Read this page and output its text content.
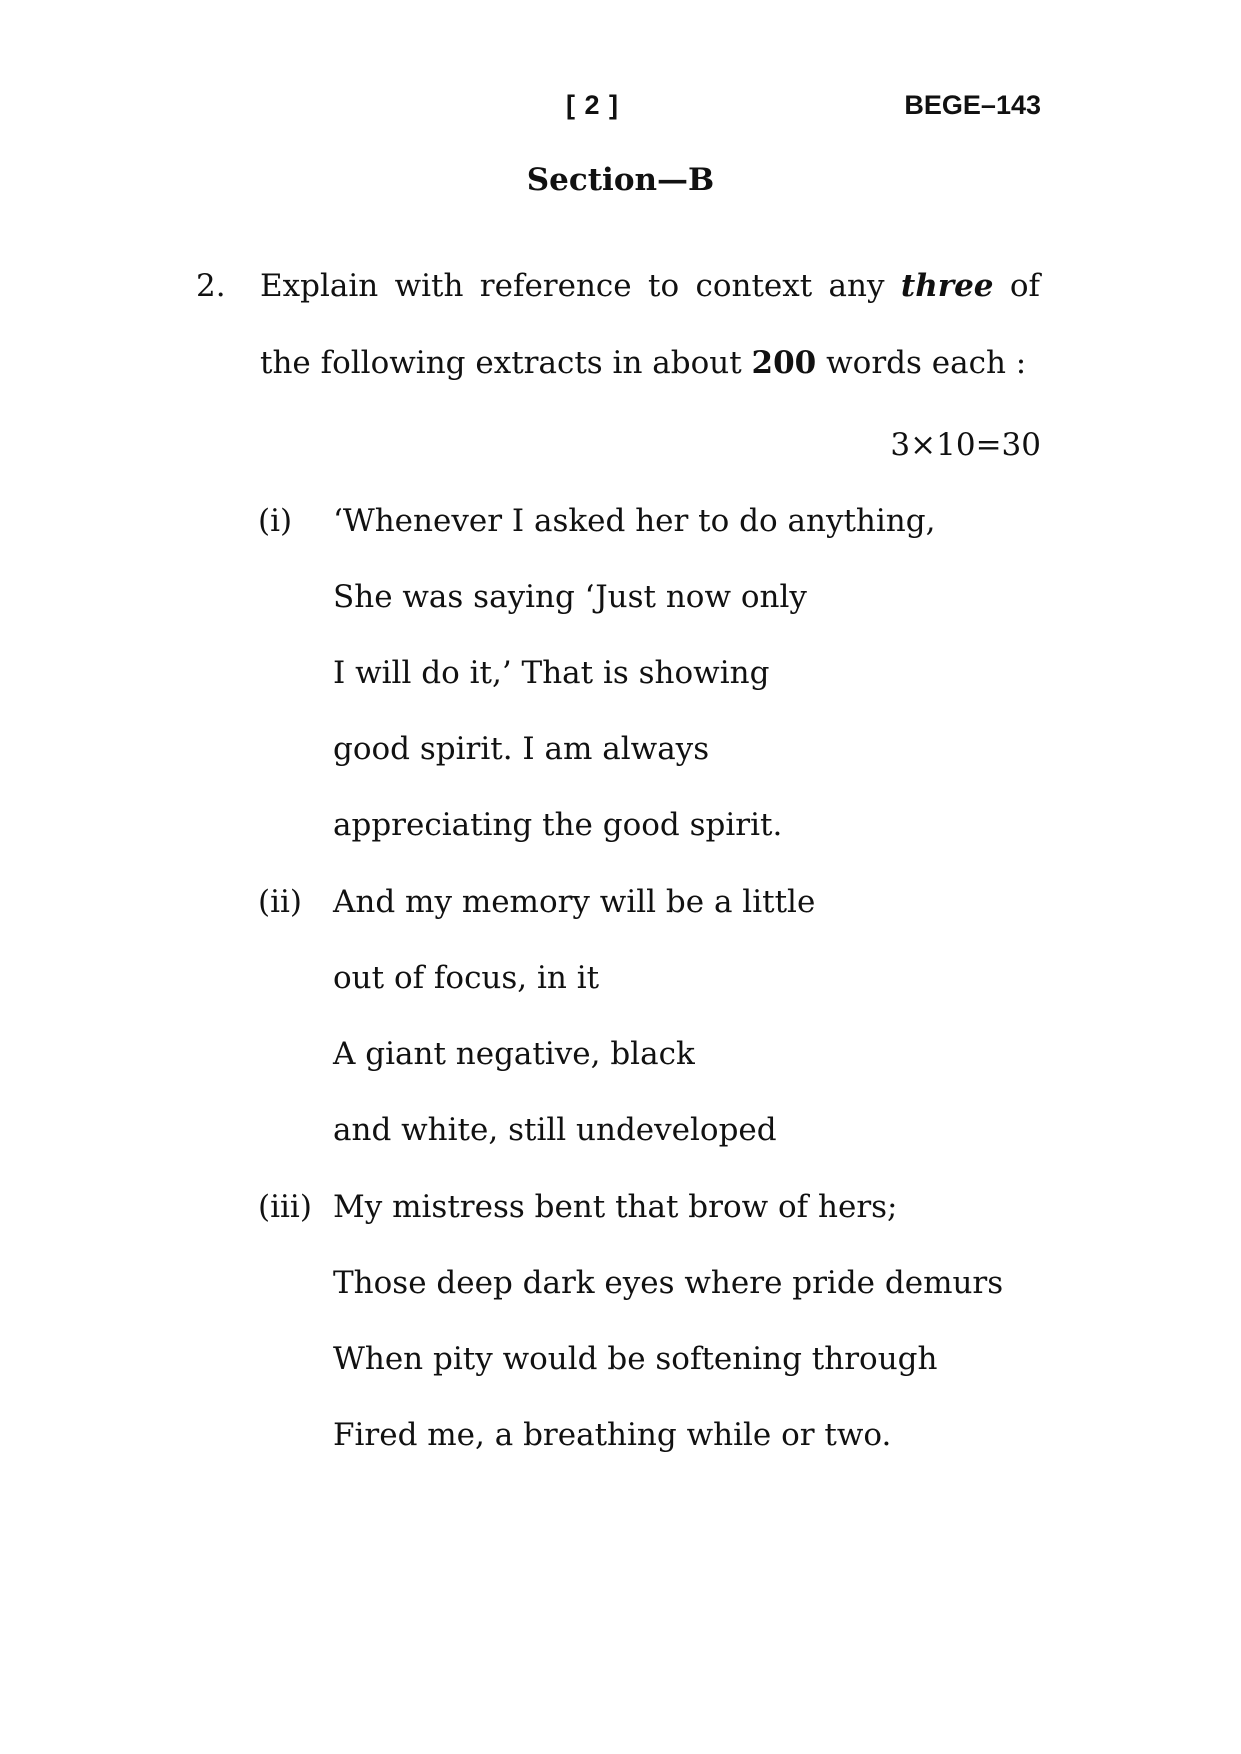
[ 2 ]	BEGE–143
Section—B
2. Explain with reference to context any three of
the following extracts in about 200 words each :
3×10=30
(i) ‘Whenever I asked her to do anything,
She was saying ‘Just now only
I will do it,’ That is showing
good spirit. I am always
appreciating the good spirit.
(ii) And my memory will be a little
out of focus, in it
A giant negative, black
and white, still undeveloped
(iii) My mistress bent that brow of hers;
Those deep dark eyes where pride demurs
When pity would be softening through
Fired me, a breathing while or two.
